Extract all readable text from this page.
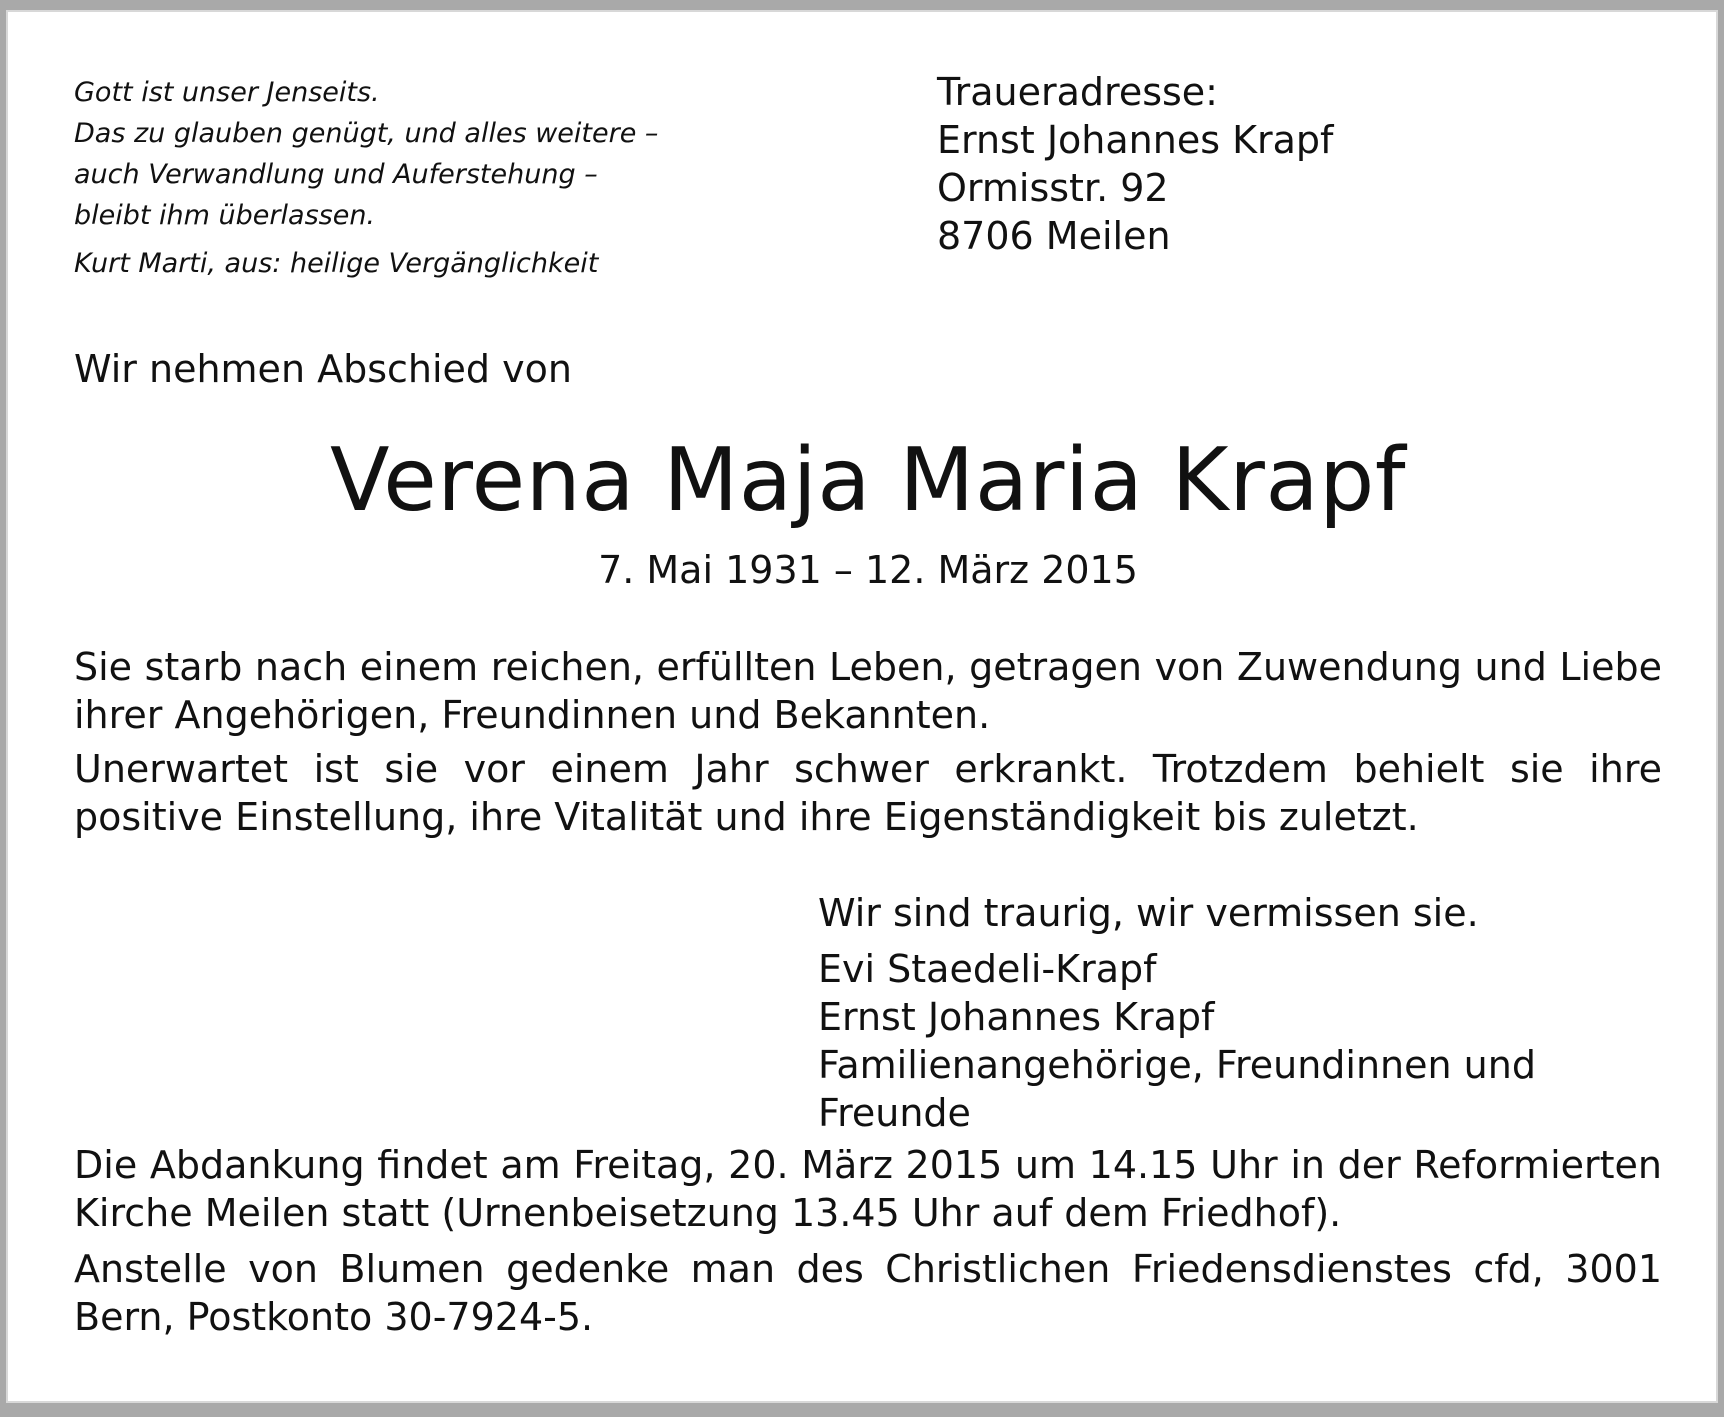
Gott ist unser Jenseits.
Das zu glauben genügt, und alles weitere –
auch Verwandlung und Auferstehung –
bleibt ihm überlassen.
Kurt Marti, aus: heilige Vergänglichkeit
Traueradresse:
Ernst Johannes Krapf
Ormisstr. 92
8706 Meilen
Wir nehmen Abschied von
Verena Maja Maria Krapf
7. Mai 1931 – 12. März 2015

Sie starb nach einem reichen, erfüllten Leben, getragen von Zuwendung und Liebe ihrer Angehörigen, Freundinnen und Bekannten.

Unerwartet ist sie vor einem Jahr schwer erkrankt. Trotzdem behielt sie ihre positive Einstellung, ihre Vitalität und ihre Eigenständigkeit bis zuletzt.

Wir sind traurig, wir vermissen sie.
Evi Staedeli-Krapf
Ernst Johannes Krapf
Familienangehörige, Freundinnen und Freunde

Die Abdankung findet am Freitag, 20. März 2015 um 14.15 Uhr in der Reformierten Kirche Meilen statt (Urnenbeisetzung 13.45 Uhr auf dem Friedhof).

Anstelle von Blumen gedenke man des Christlichen Friedensdienstes cfd, 3001 Bern, Postkonto 30-7924-5.
